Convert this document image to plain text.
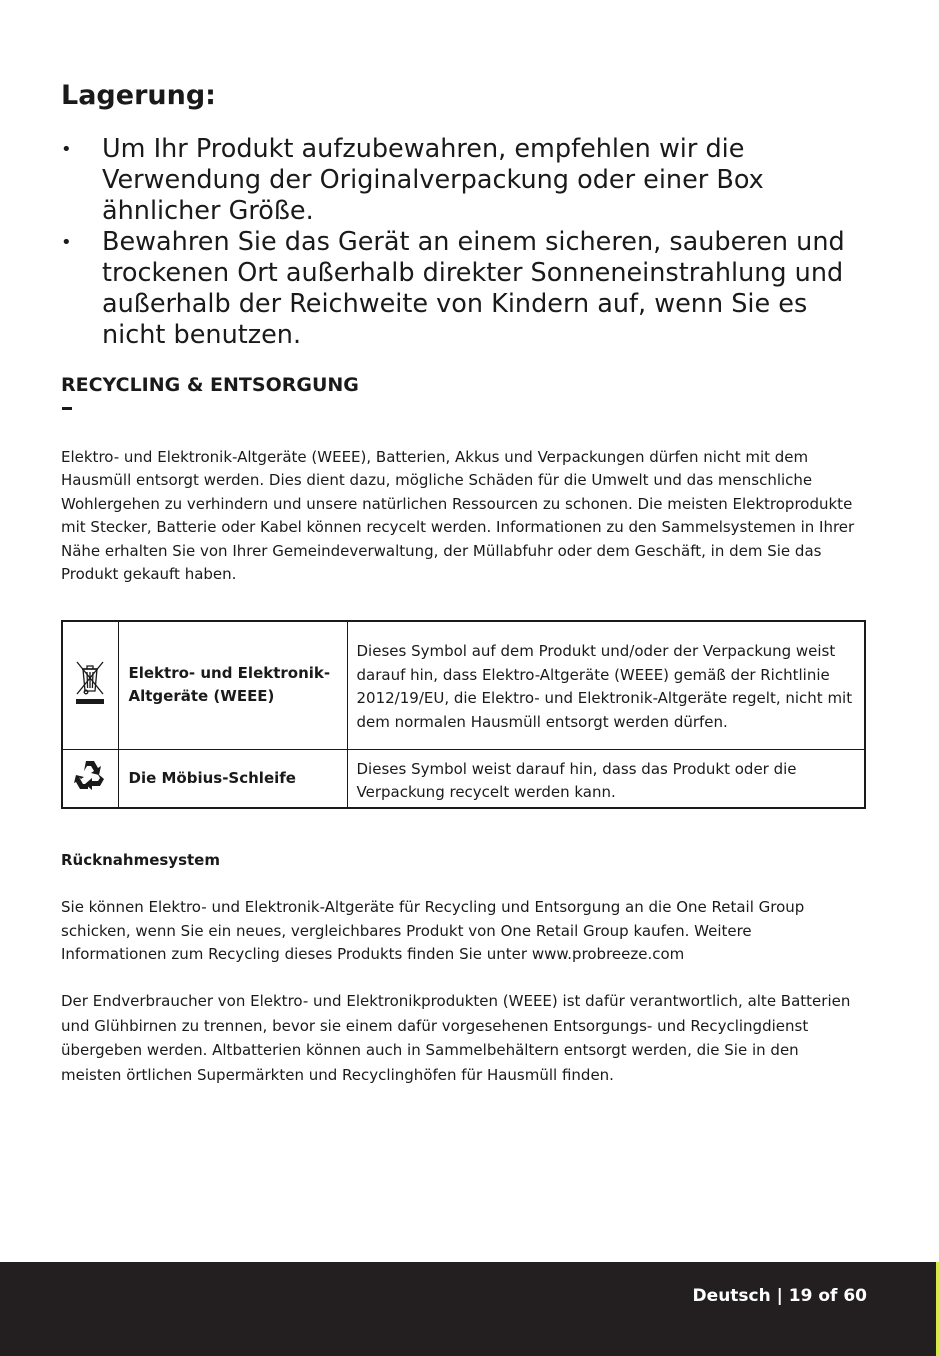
Lagerung:
• Um Ihr Produkt aufzubewahren, empfehlen wir die Verwendung der Originalverpackung oder einer Box ähnlicher Größe.
• Bewahren Sie das Gerät an einem sicheren, sauberen und trockenen Ort außerhalb direkter Sonneneinstrahlung und außerhalb der Reichweite von Kindern auf, wenn Sie es nicht benutzen.
RECYCLING & ENTSORGUNG

Elektro- und Elektronik-Altgeräte (WEEE), Batterien, Akkus und Verpackungen dürfen nicht mit dem Hausmüll entsorgt werden. Dies dient dazu, mögliche Schäden für die Umwelt und das menschliche Wohlergehen zu verhindern und unsere natürlichen Ressourcen zu schonen. Die meisten Elektroprodukte mit Stecker, Batterie oder Kabel können recycelt werden. Informationen zu den Sammelsystemen in Ihrer Nähe erhalten Sie von Ihrer Gemeindeverwaltung, der Müllabfuhr oder dem Geschäft, in dem Sie das Produkt gekauft haben.

	Elektro- und Elektronik-Altgeräte (WEEE)	Dieses Symbol auf dem Produkt und/oder der Verpackung weist darauf hin, dass Elektro-Altgeräte (WEEE) gemäß der Richtlinie 2012/19/EU, die Elektro- und Elektronik-Altgeräte regelt, nicht mit dem normalen Hausmüll entsorgt werden dürfen.
	Die Möbius-Schleife	Dieses Symbol weist darauf hin, dass das Produkt oder die Verpackung recycelt werden kann.
Rücknahmesystem

Sie können Elektro- und Elektronik-Altgeräte für Recycling und Entsorgung an die One Retail Group schicken, wenn Sie ein neues, vergleichbares Produkt von One Retail Group kaufen. Weitere Informationen zum Recycling dieses Produkts finden Sie unter www.probreeze.com

Der Endverbraucher von Elektro- und Elektronikprodukten (WEEE) ist dafür verantwortlich, alte Batterien und Glühbirnen zu trennen, bevor sie einem dafür vorgesehenen Entsorgungs- und Recyclingdienst übergeben werden. Altbatterien können auch in Sammelbehältern entsorgt werden, die Sie in den meisten örtlichen Supermärkten und Recyclinghöfen für Hausmüll finden.

Deutsch | 19 of 60
